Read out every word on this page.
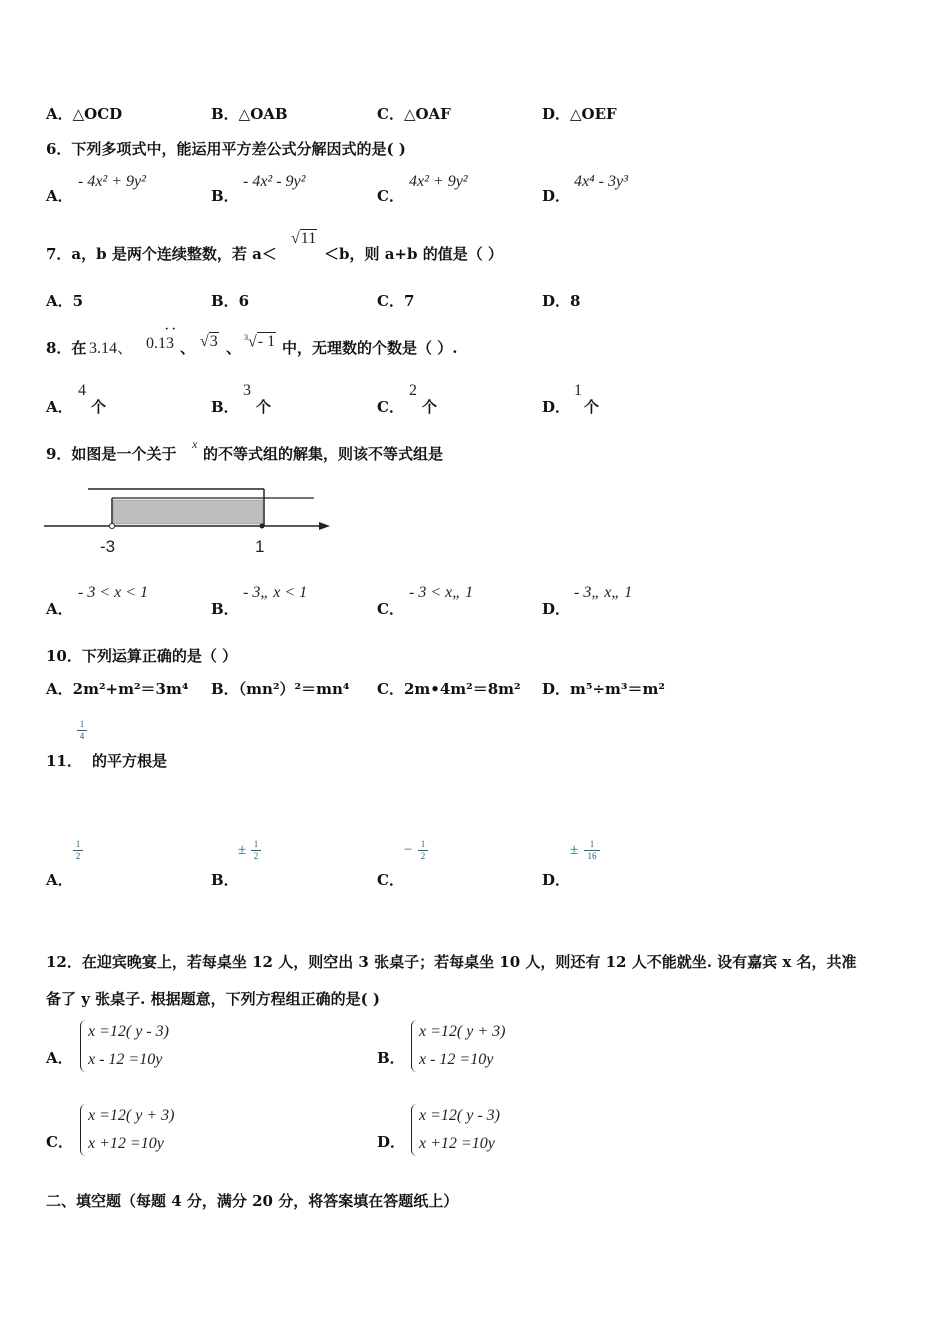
A．△OCD	B．△OAB	C．△OAF	D．△OEF
6．下列多项式中，能运用平方差公式分解因式的是( )
A．
- 4x² + 9y²
B．
- 4x² - 9y²
C．
4x² + 9y²
D．
4x⁴ - 3y³
7．a，b 是两个连续整数，若 a＜
√11
＜b，则 a+b 的值是（ ）
A．5	B．6	C．7	D．8
8．在 3.14、 0.13
· ·
、 √3 、
$^3$√- 1 中，无理数的个数是（ ）.
A．
4
个	B．
3
个	C．
2
个	D．
1
个
9．如图是一个关于
x
的不等式组的解集，则该不等式组是
-3	1
A．
- 3 < x < 1
B．
- 3„ x < 1
C．
- 3 < x„ 1
D．
- 3„ x„ 1
10．下列运算正确的是（ ）
A．2m²+m²＝3m⁴ B．（mn²）²＝mn⁴ C．2m•4m²＝8m² D．m⁵÷m³＝m²
1
4
11． 的平方根是
A．
1
2
B．
± 1
2
C．
− 1
2
D．
±	1
16
12．在迎宾晚宴上，若每桌坐 12 人，则空出 3 张桌子；若每桌坐 10 人，则还有 12 人不能就坐. 设有嘉宾 x 名，共准
备了 y 张桌子. 根据题意，下列方程组正确的是( )
A．
x =12( y - 3)
x - 12 =10y	B．
x =12( y + 3)
x - 12 =10y
C．
x =12( y + 3)
x +12 =10y	D．
x =12( y - 3)
x +12 =10y
二、填空题（每题 4 分，满分 20 分，将答案填在答题纸上）
